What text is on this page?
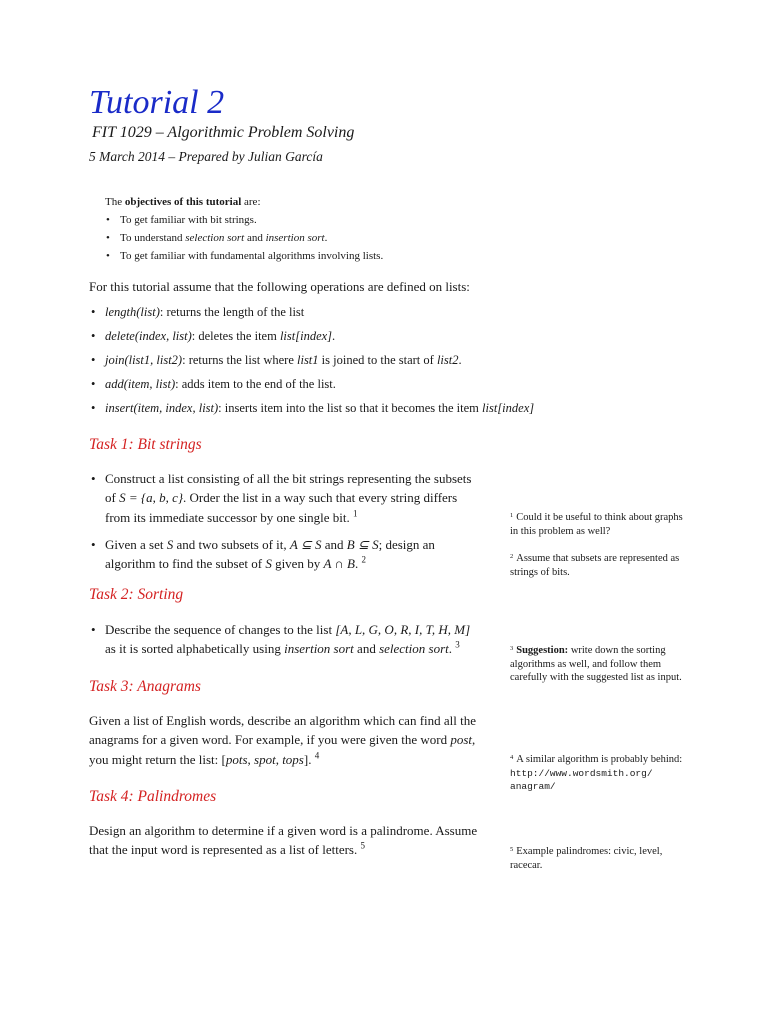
Tutorial 2
FIT 1029 – Algorithmic Problem Solving
5 March 2014 – Prepared by Julian García
The objectives of this tutorial are:
• To get familiar with bit strings.
• To understand selection sort and insertion sort.
• To get familiar with fundamental algorithms involving lists.
For this tutorial assume that the following operations are defined on lists:
• length(list): returns the length of the list
• delete(index, list): deletes the item list[index].
• join(list1, list2): returns the list where list1 is joined to the start of list2.
• add(item, list): adds item to the end of the list.
• insert(item, index, list): inserts item into the list so that it becomes the item list[index]
Task 1: Bit strings
• Construct a list consisting of all the bit strings representing the subsets of S = {a, b, c}. Order the list in a way such that every string differs from its immediate successor by one single bit. $^1$
• Given a set S and two subsets of it, A ⊆ S and B ⊆ S; design an algorithm to find the subset of S given by A ∩ B. $^2$
Task 2: Sorting
• Describe the sequence of changes to the list [A, L, G, O, R, I, T, H, M] as it is sorted alphabetically using insertion sort and selection sort. $^3$
Task 3: Anagrams

Given a list of English words, describe an algorithm which can find all the anagrams for a given word. For example, if you were given the word post, you might return the list: [pots, spot, tops]. $^4$

Task 4: Palindromes

Design an algorithm to determine if a given word is a palindrome. Assume that the input word is represented as a list of letters. $^5$

$^1$ Could it be useful to think about graphs in this problem as well?
$^2$ Assume that subsets are represented as strings of bits.
$^3$ Suggestion: write down the sorting algorithms as well, and follow them carefully with the suggested list as input.
$^4$ A similar algorithm is probably behind: http://www.wordsmith.org/
anagram/
$^5$ Example palindromes: civic, level, racecar.
